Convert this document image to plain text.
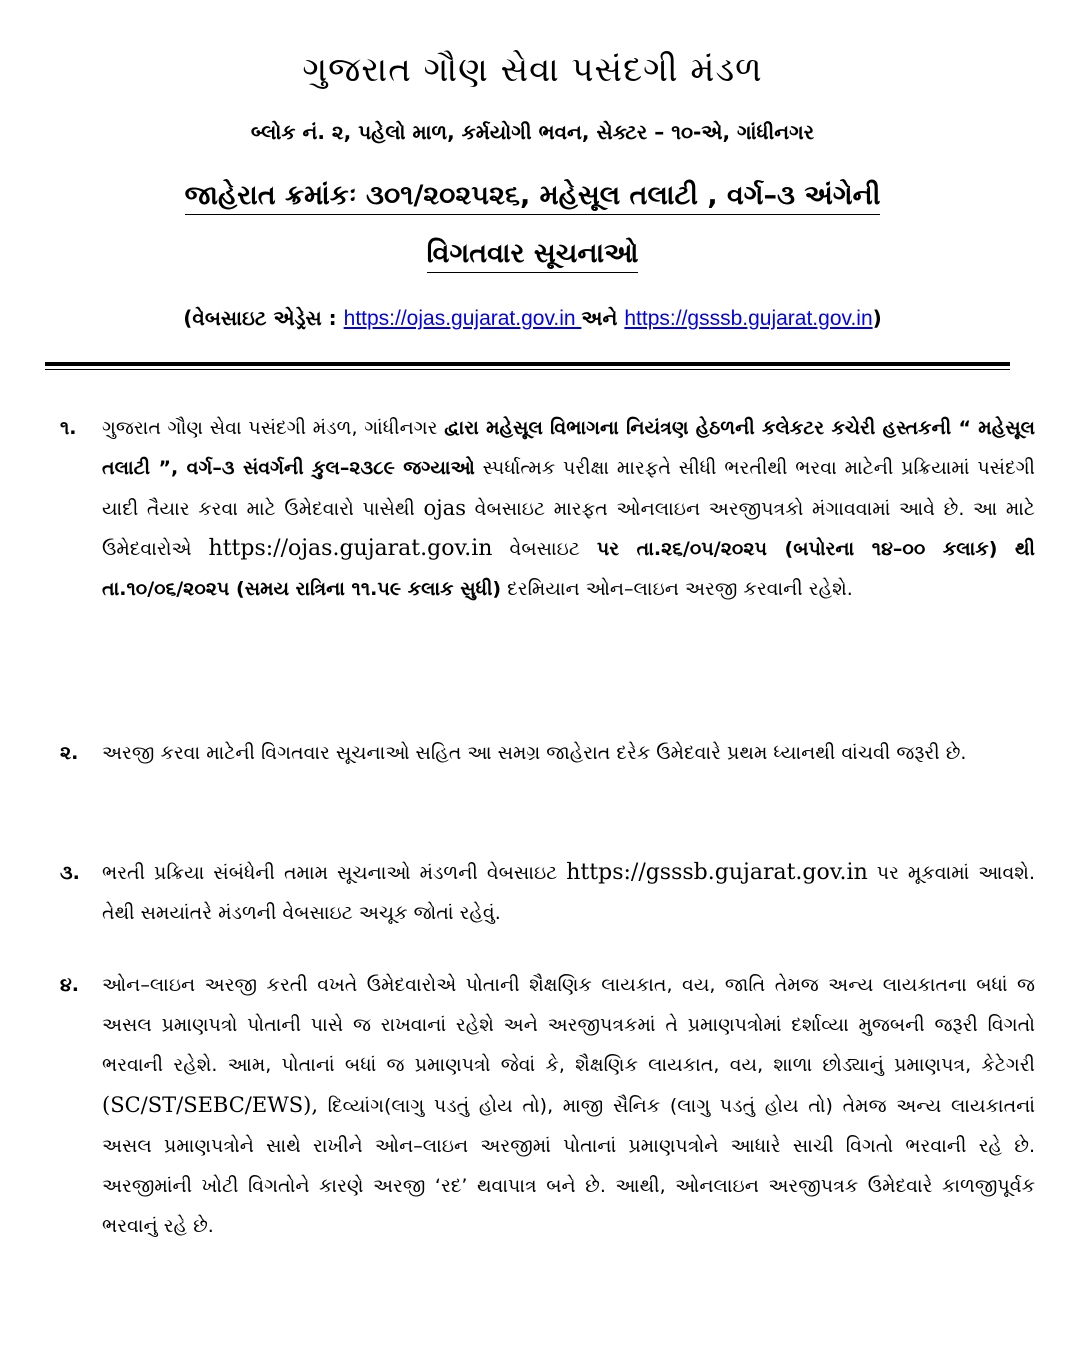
ગુજરાત ગૌણ સેવા પસંદગી મંડળ
બ્લોક નં. ૨, પહેલો માળ, કર્મયોગી ભવન, સેક્ટર – ૧૦-એ, ગાંધીનગર
જાહેરાત ક્રમાંકઃ ૩૦૧/૨૦૨૫૨૬, મહેસૂલ તલાટી , વર્ગ–૩ અંગેની
વિગતવાર સૂચનાઓ
(વેબસાઇટ એડ્રેસ : https://ojas.gujarat.gov.in અને https://gsssb.gujarat.gov.in)
૧.	ગુજરાત ગૌણ સેવા પસંદગી મંડળ, ગાંધીનગર દ્વારા મહેસૂલ વિભાગના નિયંત્રણ હેઠળની કલેકટર કચેરી હસ્તકની “ મહેસૂલ તલાટી ”, વર્ગ–૩ સંવર્ગની કુલ–૨૩૮૯ જગ્યાઓ સ્પર્ધાત્મક પરીક્ષા મારફતે સીધી ભરતીથી ભરવા માટેની પ્રક્રિયામાં પસંદગી યાદી તૈયાર કરવા માટે ઉમેદવારો પાસેથી ojas વેબસાઇટ મારફત ઓનલાઇન અરજીપત્રકો મંગાવવામાં આવે છે. આ માટે ઉમેદવારોએ https://ojas.gujarat.gov.in વેબસાઇટ પર તા.૨૬/૦૫/૨૦૨૫ (બપોરના ૧૪–૦૦ કલાક) થી તા.૧૦/૦૬/૨૦૨૫ (સમય રાત્રિના ૧૧.૫૯ કલાક સુધી) દરમિયાન ઓન–લાઇન અરજી કરવાની રહેશે.
૨.	અરજી કરવા માટેની વિગતવાર સૂચનાઓ સહિત આ સમગ્ર જાહેરાત દરેક ઉમેદવારે પ્રથમ ધ્યાનથી વાંચવી જરૂરી છે.
૩.	ભરતી પ્રક્રિયા સંબંધેની તમામ સૂચનાઓ મંડળની વેબસાઇટ https://gsssb.gujarat.gov.in પર મૂકવામાં આવશે. તેથી સમયાંતરે મંડળની વેબસાઇટ અચૂક જોતાં રહેવું.
૪.	ઓન–લાઇન અરજી કરતી વખતે ઉમેદવારોએ પોતાની શૈક્ષણિક લાયકાત, વય, જાતિ તેમજ અન્ય લાયકાતના બધાં જ અસલ પ્રમાણપત્રો પોતાની પાસે જ રાખવાનાં રહેશે અને અરજીપત્રકમાં તે પ્રમાણપત્રોમાં દર્શાવ્યા મુજબની જરૂરી વિગતો ભરવાની રહેશે. આમ, પોતાનાં બધાં જ પ્રમાણપત્રો જેવાં કે, શૈક્ષણિક લાયકાત, વય, શાળા છોડ્યાનું પ્રમાણપત્ર, કેટેગરી (SC/ST/SEBC/EWS), દિવ્યાંગ(લાગુ પડતું હોય તો), માજી સૈનિક (લાગુ પડતું હોય તો) તેમજ અન્ય લાયકાતનાં અસલ પ્રમાણપત્રોને સાથે રાખીને ઓન–લાઇન અરજીમાં પોતાનાં પ્રમાણપત્રોને આધારે સાચી વિગતો ભરવાની રહે છે. અરજીમાંની ખોટી વિગતોને કારણે અરજી ‘રદ’ થવાપાત્ર બને છે. આથી, ઓનલાઇન અરજીપત્રક ઉમેદવારે કાળજીપૂર્વક ભરવાનું રહે છે.
